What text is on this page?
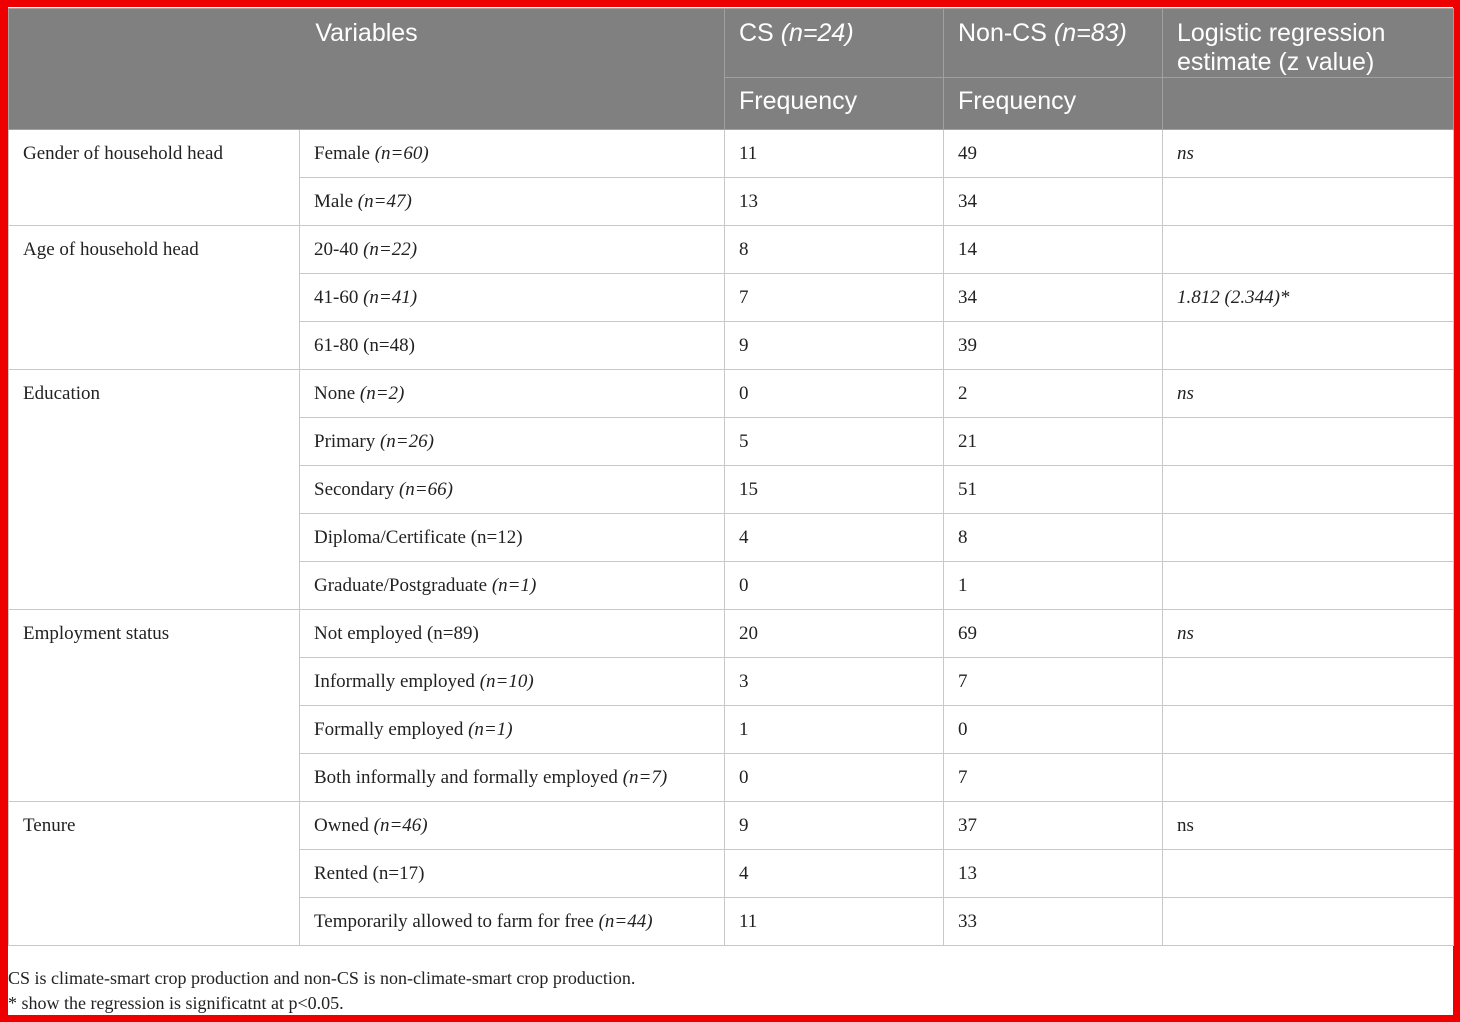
Variables		CS (n=24)	Non-CS (n=83)	Logistic regression
estimate (z value)
		Frequency	Frequency	
Gender of household head	Female (n=60)	11	49	ns
	Male (n=47)	13	34	
Age of household head	20-40 (n=22)	8	14	
	41-60 (n=41)	7	34	1.812 (2.344)*
	61-80 (n=48)	9	39	
Education	None (n=2)	0	2	ns
	Primary (n=26)	5	21	
	Secondary (n=66)	15	51	
	Diploma/Certificate (n=12)	4	8	
	Graduate/Postgraduate (n=1)	0	1	
Employment status	Not employed (n=89)	20	69	ns
	Informally employed (n=10)	3	7	
	Formally employed (n=1)	1	0	
	Both informally and formally employed (n=7)	0	7	
Tenure	Owned (n=46)	9	37	ns
	Rented (n=17)	4	13	
	Temporarily allowed to farm for free (n=44)	11	33	
CS is climate-smart crop production and non-CS is non-climate-smart crop production.
* show the regression is significatnt at p<0.05.
